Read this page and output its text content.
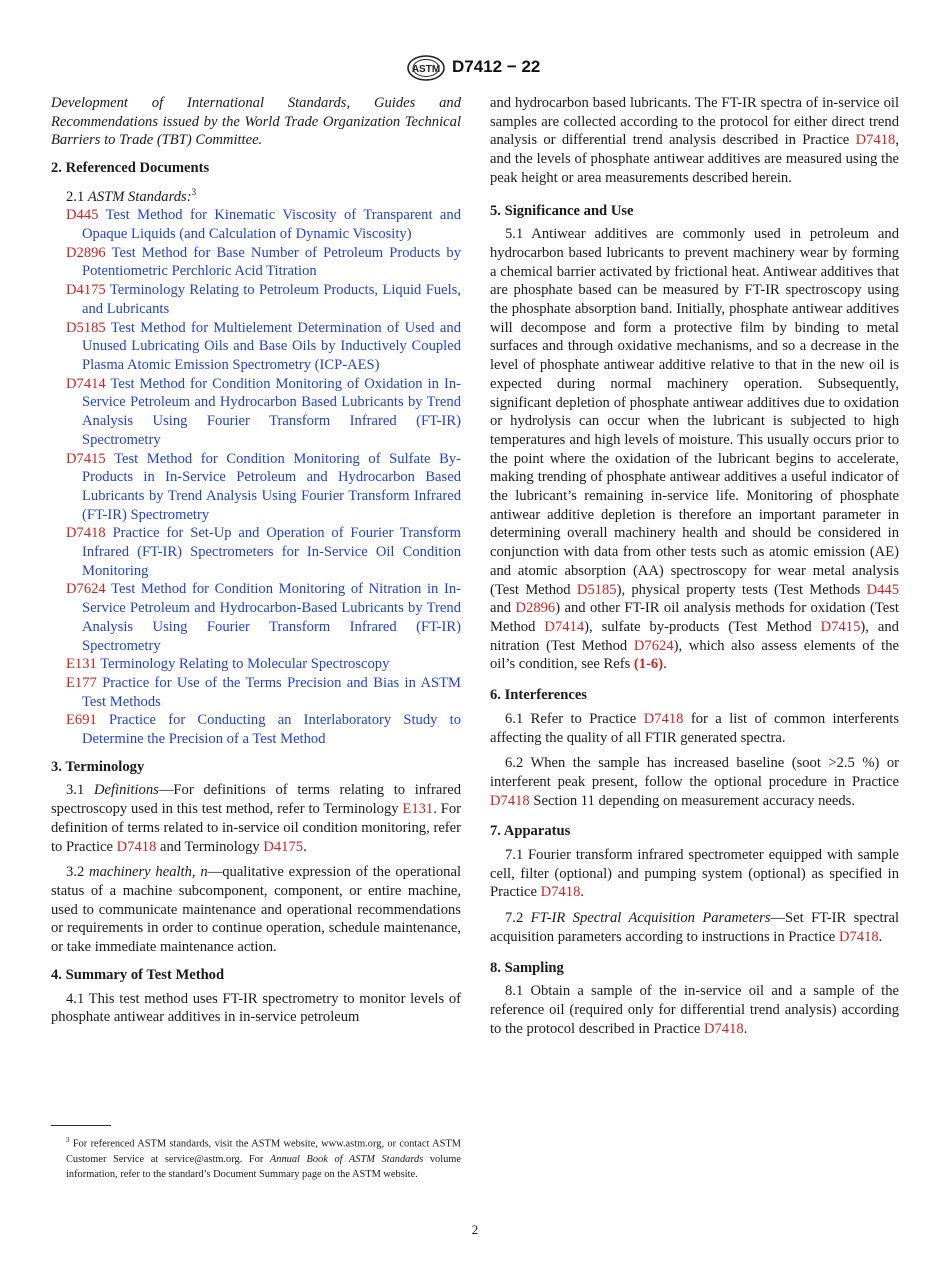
ASTM D7412 − 22

Development of International Standards, Guides and Recommendations issued by the World Trade Organization Technical Barriers to Trade (TBT) Committee.

2. Referenced Documents

2.1 ASTM Standards:$^3$

D445 Test Method for Kinematic Viscosity of Transparent and Opaque Liquids (and Calculation of Dynamic Viscosity)

D2896 Test Method for Base Number of Petroleum Products by Potentiometric Perchloric Acid Titration

D4175 Terminology Relating to Petroleum Products, Liquid Fuels, and Lubricants

D5185 Test Method for Multielement Determination of Used and Unused Lubricating Oils and Base Oils by Inductively Coupled Plasma Atomic Emission Spectrometry (ICP-AES)

D7414 Test Method for Condition Monitoring of Oxidation in In-Service Petroleum and Hydrocarbon Based Lubricants by Trend Analysis Using Fourier Transform Infrared (FT-IR) Spectrometry

D7415 Test Method for Condition Monitoring of Sulfate By-Products in In-Service Petroleum and Hydrocarbon Based Lubricants by Trend Analysis Using Fourier Transform Infrared (FT-IR) Spectrometry

D7418 Practice for Set-Up and Operation of Fourier Transform Infrared (FT-IR) Spectrometers for In-Service Oil Condition Monitoring

D7624 Test Method for Condition Monitoring of Nitration in In-Service Petroleum and Hydrocarbon-Based Lubricants by Trend Analysis Using Fourier Transform Infrared (FT-IR) Spectrometry

E131 Terminology Relating to Molecular Spectroscopy

E177 Practice for Use of the Terms Precision and Bias in ASTM Test Methods

E691 Practice for Conducting an Interlaboratory Study to Determine the Precision of a Test Method

3. Terminology

3.1 Definitions—For definitions of terms relating to infrared spectroscopy used in this test method, refer to Terminology E131. For definition of terms related to in-service oil condition monitoring, refer to Practice D7418 and Terminology D4175.

3.2 machinery health, n—qualitative expression of the operational status of a machine subcomponent, component, or entire machine, used to communicate maintenance and operational recommendations or requirements in order to continue operation, schedule maintenance, or take immediate maintenance action.

4. Summary of Test Method

4.1 This test method uses FT-IR spectrometry to monitor levels of phosphate antiwear additives in in-service petroleum

and hydrocarbon based lubricants. The FT-IR spectra of in-service oil samples are collected according to the protocol for either direct trend analysis or differential trend analysis described in Practice D7418, and the levels of phosphate antiwear additives are measured using the peak height or area measurements described herein.

5. Significance and Use

5.1 Antiwear additives are commonly used in petroleum and hydrocarbon based lubricants to prevent machinery wear by forming a chemical barrier activated by frictional heat. Antiwear additives that are phosphate based can be measured by FT-IR spectroscopy using the phosphate absorption band. Initially, phosphate antiwear additives will decompose and form a protective film by binding to metal surfaces and through oxidative mechanisms, and so a decrease in the level of phosphate antiwear additive relative to that in the new oil is expected during normal machinery operation. Subsequently, significant depletion of phosphate antiwear additives due to oxidation or hydrolysis can occur when the lubricant is subjected to high temperatures and high levels of moisture. This usually occurs prior to the point where the oxidation of the lubricant begins to accelerate, making trending of phosphate antiwear additives a useful indicator of the lubricant’s remaining in-service life. Monitoring of phosphate antiwear additive depletion is therefore an important parameter in determining overall machinery health and should be considered in conjunction with data from other tests such as atomic emission (AE) and atomic absorption (AA) spectroscopy for wear metal analysis (Test Method D5185), physical property tests (Test Methods D445 and D2896) and other FT-IR oil analysis methods for oxidation (Test Method D7414), sulfate by-products (Test Method D7415), and nitration (Test Method D7624), which also assess elements of the oil’s condition, see Refs (1-6).

6. Interferences

6.1 Refer to Practice D7418 for a list of common interferents affecting the quality of all FTIR generated spectra.

6.2 When the sample has increased baseline (soot >2.5 %) or interferent peak present, follow the optional procedure in Practice D7418 Section 11 depending on measurement accuracy needs.

7. Apparatus

7.1 Fourier transform infrared spectrometer equipped with sample cell, filter (optional) and pumping system (optional) as specified in Practice D7418.

7.2 FT-IR Spectral Acquisition Parameters—Set FT-IR spectral acquisition parameters according to instructions in Practice D7418.

8. Sampling

8.1 Obtain a sample of the in-service oil and a sample of the reference oil (required only for differential trend analysis) according to the protocol described in Practice D7418.

$^3$ For referenced ASTM standards, visit the ASTM website, www.astm.org, or contact ASTM Customer Service at service@astm.org. For Annual Book of ASTM Standards volume information, refer to the standard’s Document Summary page on the ASTM website.
2
